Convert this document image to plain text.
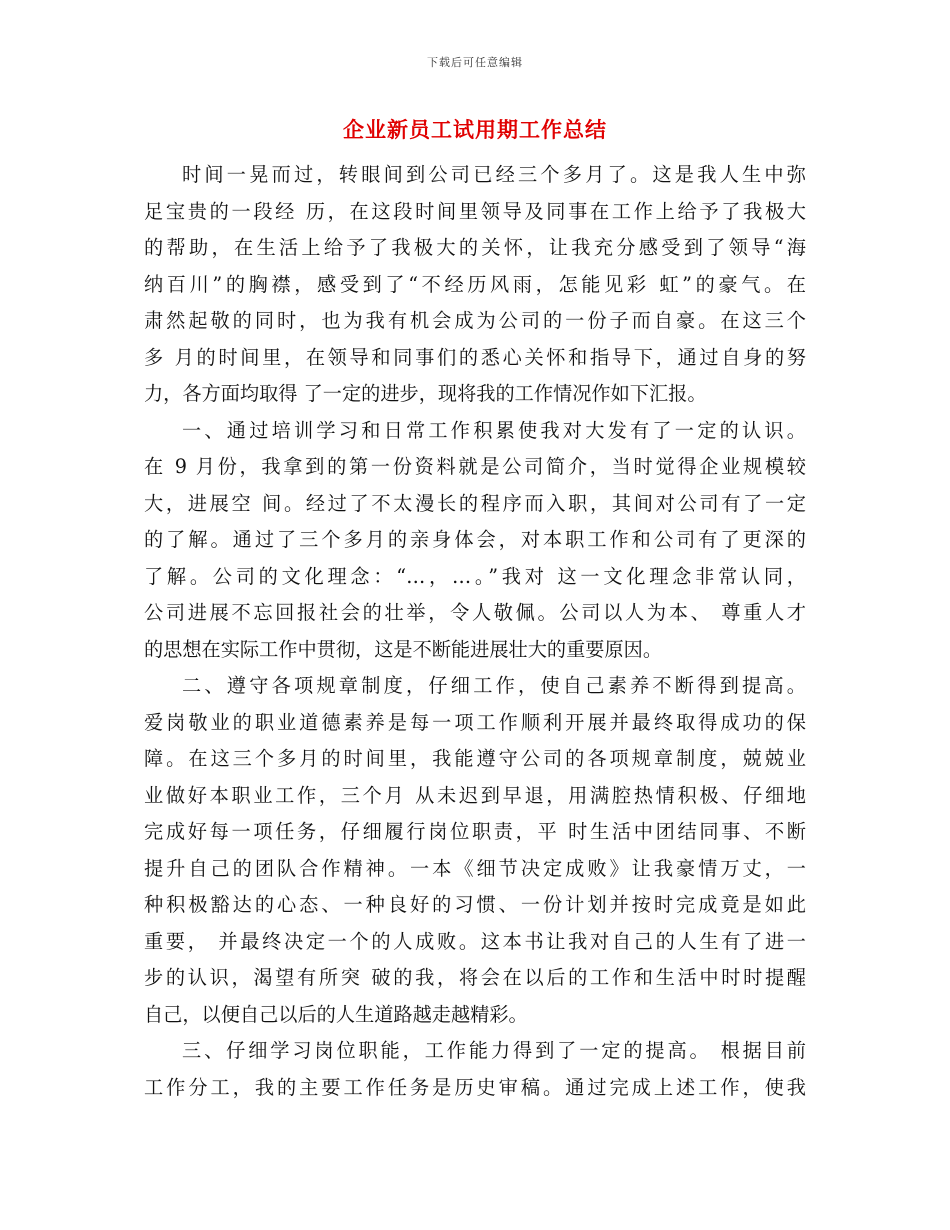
下载后可任意编辑
企业新员工试用期工作总结
时间一晃而过，转眼间到公司已经三个多月了。这是我人生中弥
足宝贵的一段经 历，在这段时间里领导及同事在工作上给予了我极大
的帮助，在生活上给予了我极大的关怀，让我充分感受到了领导“海
纳百川”的胸襟，感受到了“不经历风雨，怎能见彩 虹”的豪气。在
肃然起敬的同时，也为我有机会成为公司的一份子而自豪。在这三个
多 月的时间里，在领导和同事们的悉心关怀和指导下，通过自身的努
力，各方面均取得 了一定的进步，现将我的工作情况作如下汇报。
一、通过培训学习和日常工作积累使我对大发有了一定的认识。
在 9 月份，我拿到的第一份资料就是公司简介，当时觉得企业规模较
大，进展空 间。经过了不太漫长的程序而入职，其间对公司有了一定
的了解。通过了三个多月的亲身体会，对本职工作和公司有了更深的
了解。公司的文化理念：“…，…。”我对 这一文化理念非常认同，
公司进展不忘回报社会的壮举，令人敬佩。公司以人为本、 尊重人才
的思想在实际工作中贯彻，这是不断能进展壮大的重要原因。
二、遵守各项规章制度，仔细工作，使自己素养不断得到提高。
爱岗敬业的职业道德素养是每一项工作顺利开展并最终取得成功的保
障。在这三个多月的时间里，我能遵守公司的各项规章制度，兢兢业
业做好本职业工作，三个月 从未迟到早退，用满腔热情积极、仔细地
完成好每一项任务，仔细履行岗位职责，平 时生活中团结同事、不断
提升自己的团队合作精神。一本《细节决定成败》让我豪情万丈，一
种积极豁达的心态、一种良好的习惯、一份计划并按时完成竟是如此
重要， 并最终决定一个的人成败。这本书让我对自己的人生有了进一
步的认识，渴望有所突 破的我，将会在以后的工作和生活中时时提醒
自己，以便自己以后的人生道路越走越精彩。
三、仔细学习岗位职能，工作能力得到了一定的提高。 根据目前
工作分工，我的主要工作任务是历史审稿。通过完成上述工作，使我
